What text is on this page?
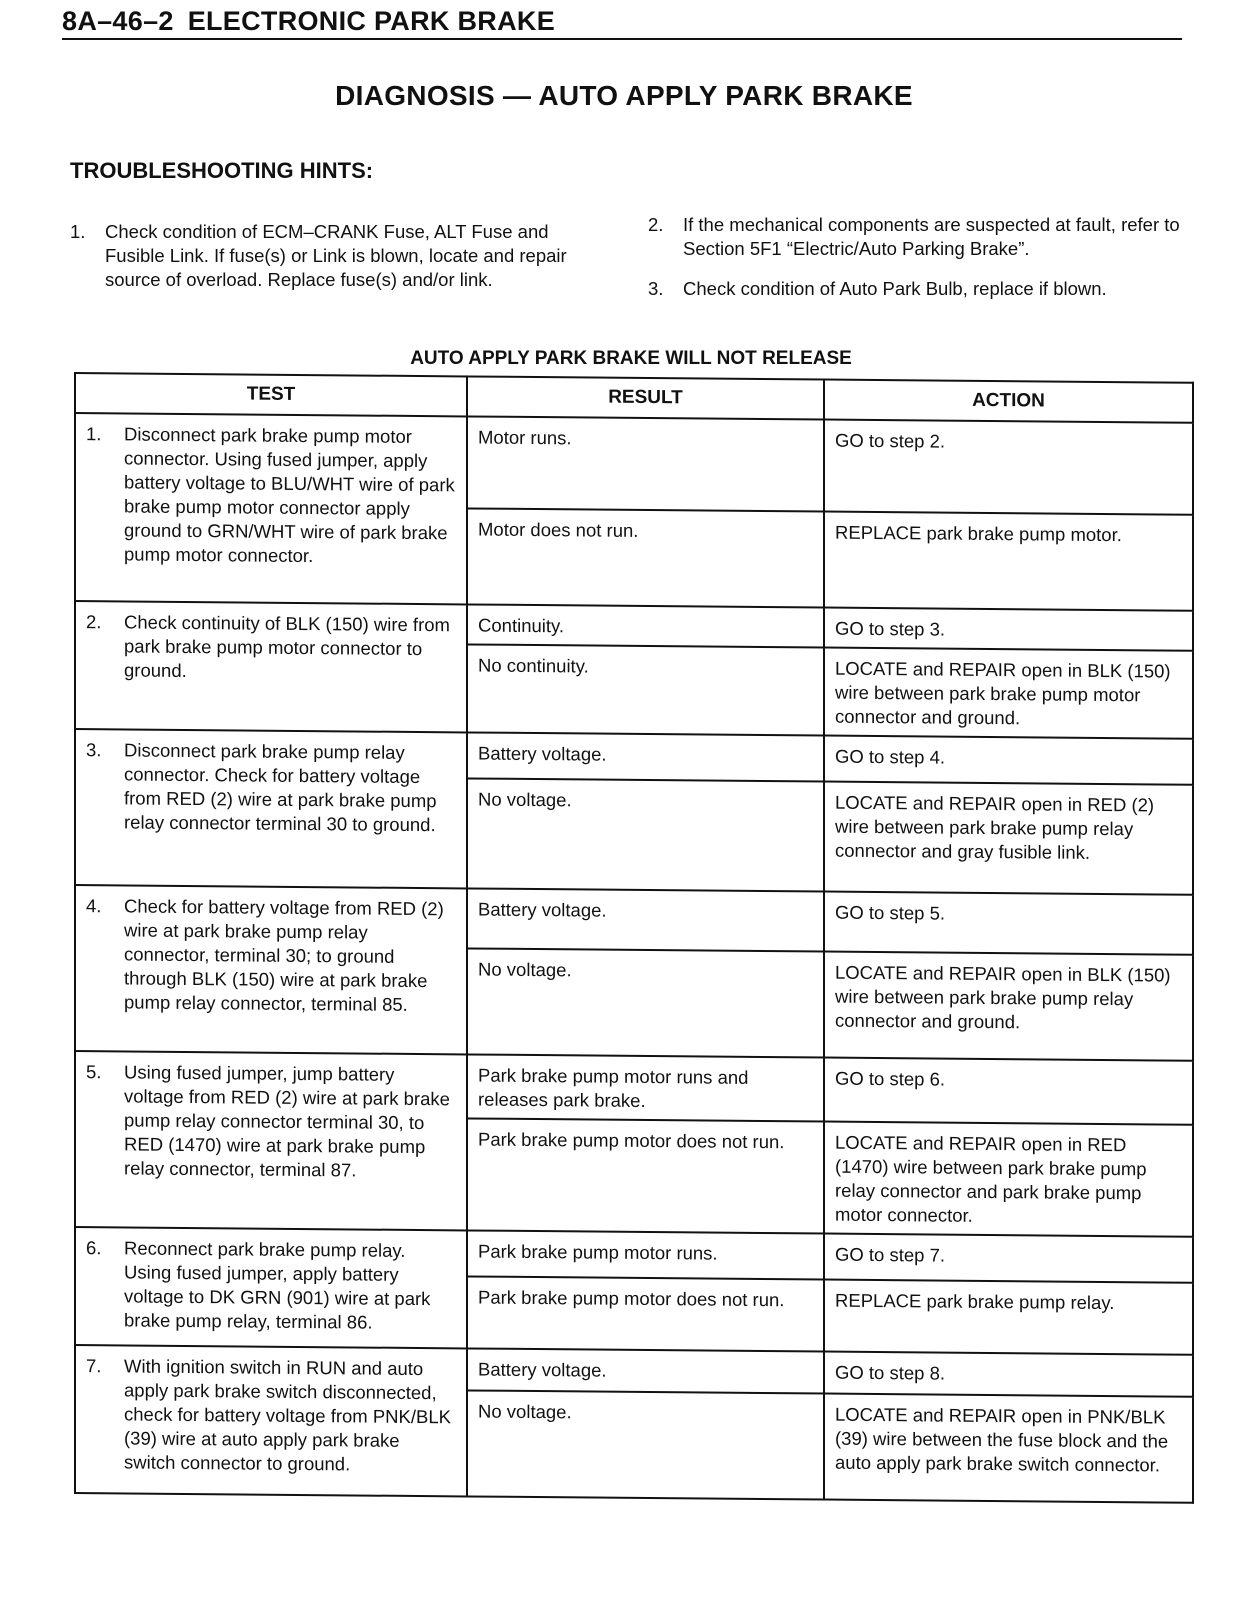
8A–46–2 ELECTRONIC PARK BRAKE
DIAGNOSIS — AUTO APPLY PARK BRAKE
TROUBLESHOOTING HINTS:
1. Check condition of ECM–CRANK Fuse, ALT Fuse and Fusible Link. If fuse(s) or Link is blown, locate and repair source of overload. Replace fuse(s) and/or link.
2. If the mechanical components are suspected at fault, refer to Section 5F1 “Electric/Auto Parking Brake”.
3. Check condition of Auto Park Bulb, replace if blown.
AUTO APPLY PARK BRAKE WILL NOT RELEASE
TEST	RESULT	ACTION

1. Disconnect park brake pump motor connector. Using fused jumper, apply battery voltage to BLU/WHT wire of park brake pump motor connector apply ground to GRN/WHT wire of park brake pump motor connector.	Motor runs.	GO to step 2.
	Motor does not run.	REPLACE park brake pump motor.

2. Check continuity of BLK (150) wire from park brake pump motor connector to ground.	Continuity.	GO to step 3.
	No continuity.	LOCATE and REPAIR open in BLK (150) wire between park brake pump motor connector and ground.

3. Disconnect park brake pump relay connector. Check for battery voltage from RED (2) wire at park brake pump relay connector terminal 30 to ground.	Battery voltage.	GO to step 4.
	No voltage.	LOCATE and REPAIR open in RED (2) wire between park brake pump relay connector and gray fusible link.

4. Check for battery voltage from RED (2) wire at park brake pump relay connector, terminal 30; to ground through BLK (150) wire at park brake pump relay connector, terminal 85.	Battery voltage.	GO to step 5.
	No voltage.	LOCATE and REPAIR open in BLK (150) wire between park brake pump relay connector and ground.

5. Using fused jumper, jump battery voltage from RED (2) wire at park brake pump relay connector terminal 30, to RED (1470) wire at park brake pump relay connector, terminal 87.	Park brake pump motor runs and releases park brake.	GO to step 6.
	Park brake pump motor does not run.	LOCATE and REPAIR open in RED (1470) wire between park brake pump relay connector and park brake pump motor connector.

6. Reconnect park brake pump relay. Using fused jumper, apply battery voltage to DK GRN (901) wire at park brake pump relay, terminal 86.	Park brake pump motor runs.	GO to step 7.
	Park brake pump motor does not run.	REPLACE park brake pump relay.

7. With ignition switch in RUN and auto apply park brake switch disconnected, check for battery voltage from PNK/BLK (39) wire at auto apply park brake switch connector to ground.	Battery voltage.	GO to step 8.
	No voltage.	LOCATE and REPAIR open in PNK/BLK (39) wire between the fuse block and the auto apply park brake switch connector.
